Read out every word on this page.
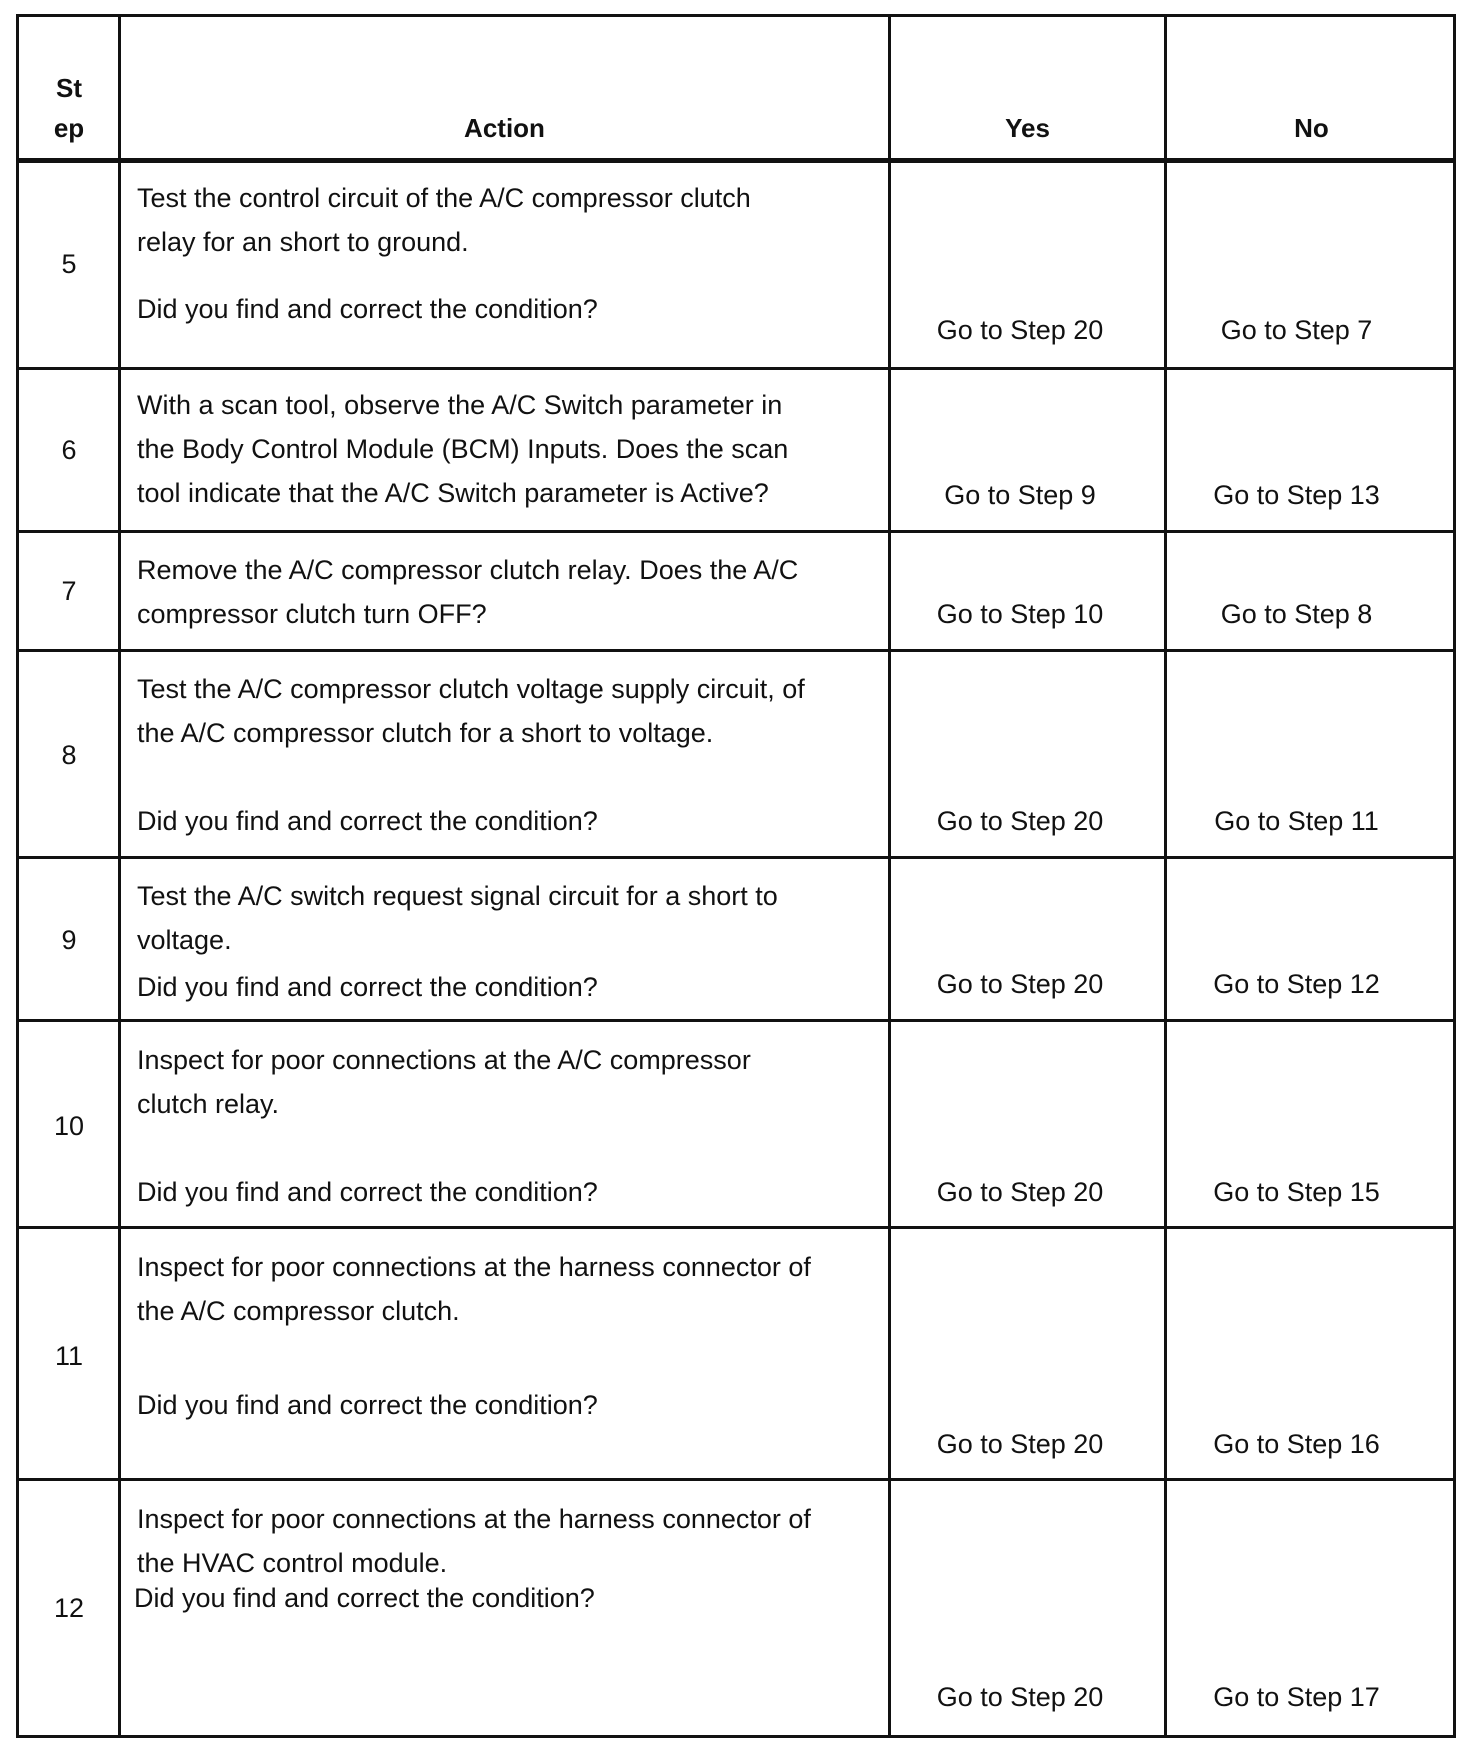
St
ep	Action	Yes	No
5
Test the control circuit of the A/C compressor clutch
relay for an short to ground.
Did you find and correct the condition?
Go to Step 20	Go to Step 7
6
With a scan tool, observe the A/C Switch parameter in
the Body Control Module (BCM) Inputs. Does the scan
tool indicate that the A/C Switch parameter is Active?	Go to Step 9	Go to Step 13
7
Remove the A/C compressor clutch relay. Does the A/C
compressor clutch turn OFF?	Go to Step 10	Go to Step 8
8
Test the A/C compressor clutch voltage supply circuit, of
the A/C compressor clutch for a short to voltage.
Did you find and correct the condition?	Go to Step 20	Go to Step 11
9
Test the A/C switch request signal circuit for a short to
voltage.
Did you find and correct the condition?	Go to Step 20	Go to Step 12
10
Inspect for poor connections at the A/C compressor
clutch relay.
Did you find and correct the condition?	Go to Step 20	Go to Step 15
11
Inspect for poor connections at the harness connector of
the A/C compressor clutch.
Did you find and correct the condition?
Go to Step 20	Go to Step 16
12
Inspect for poor connections at the harness connector of
the HVAC control module.
Did you find and correct the condition?
Go to Step 20	Go to Step 17
